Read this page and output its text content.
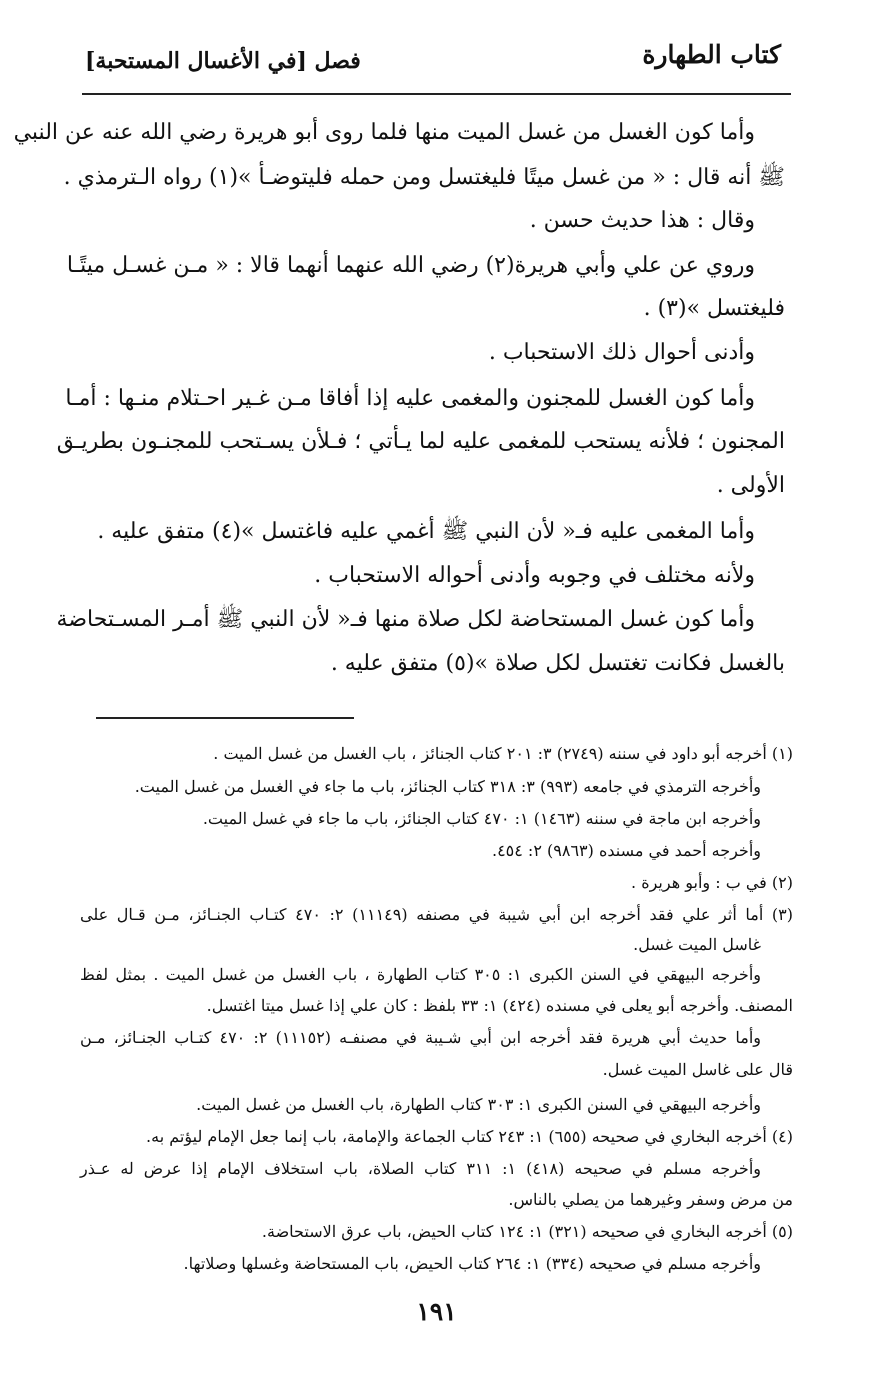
كتاب الطهارة
فصل [في الأغسال المستحبة]
وأما كون الغسل من غسل الميت منها فلما روى أبو هريرة رضي الله عنه عن النبي
ﷺ أنه قال : « من غسل ميتًا فليغتسل ومن حمله فليتوضـأ »(١) رواه الـترمذي .
وقال : هذا حديث حسن .
وروي عن علي وأبي هريرة(٢) رضي الله عنهما أنهما قالا : « مـن غسـل ميتًـا
فليغتسل »(٣) .
وأدنى أحوال ذلك الاستحباب .
وأما كون الغسل للمجنون والمغمى عليه إذا أفاقا مـن غـير احـتلام منـها : أمـا
المجنون ؛ فلأنه يستحب للمغمى عليه لما يـأتي ؛ فـلأن يسـتحب للمجنـون بطريـق
الأولى .
وأما المغمى عليه فـ« لأن النبي ﷺ أغمي عليه فاغتسل »(٤) متفق عليه .
ولأنه مختلف في وجوبه وأدنى أحواله الاستحباب .
وأما كون غسل المستحاضة لكل صلاة منها فـ« لأن النبي ﷺ أمـر المسـتحاضة
بالغسل فكانت تغتسل لكل صلاة »(٥) متفق عليه .
(١) أخرجه أبو داود في سننه (٢٧٤٩) ٣: ٢٠١ كتاب الجنائز ، باب الغسل من غسل الميت .
وأخرجه الترمذي في جامعه (٩٩٣) ٣: ٣١٨ كتاب الجنائز، باب ما جاء في الغسل من غسل الميت.
وأخرجه ابن ماجة في سننه (١٤٦٣) ١: ٤٧٠ كتاب الجنائز، باب ما جاء في غسل الميت.
وأخرجه أحمد في مسنده (٩٨٦٣) ٢: ٤٥٤.
(٢) في ب : وأبو هريرة .
(٣) أما أثر علي فقد أخرجه ابن أبي شيبة في مصنفه (١١١٤٩) ٢: ٤٧٠ كتـاب الجنـائز، مـن قـال على
غاسل الميت غسل.
وأخرجه البيهقي في السنن الكبرى ١: ٣٠٥ كتاب الطهارة ، باب الغسل من غسل الميت . بمثل لفظ
المصنف. وأخرجه أبو يعلى في مسنده (٤٢٤) ١: ٣٣ بلفظ : كان علي إذا غسل ميتا اغتسل.
وأما حديث أبي هريرة فقد أخرجه ابن أبي شـيبة في مصنفـه (١١١٥٢) ٢: ٤٧٠ كتـاب الجنـائز، مـن
قال على غاسل الميت غسل.
وأخرجه البيهقي في السنن الكبرى ١: ٣٠٣ كتاب الطهارة، باب الغسل من غسل الميت.
(٤) أخرجه البخاري في صحيحه (٦٥٥) ١: ٢٤٣ كتاب الجماعة والإمامة، باب إنما جعل الإمام ليؤتم به.
وأخرجه مسلم في صحيحه (٤١٨) ١: ٣١١ كتاب الصلاة، باب استخلاف الإمام إذا عرض له عـذر
من مرض وسفر وغيرهما من يصلي بالناس.
(٥) أخرجه البخاري في صحيحه (٣٢١) ١: ١٢٤ كتاب الحيض، باب عرق الاستحاضة.
وأخرجه مسلم في صحيحه (٣٣٤) ١: ٢٦٤ كتاب الحيض، باب المستحاضة وغسلها وصلاتها.
١٩١
